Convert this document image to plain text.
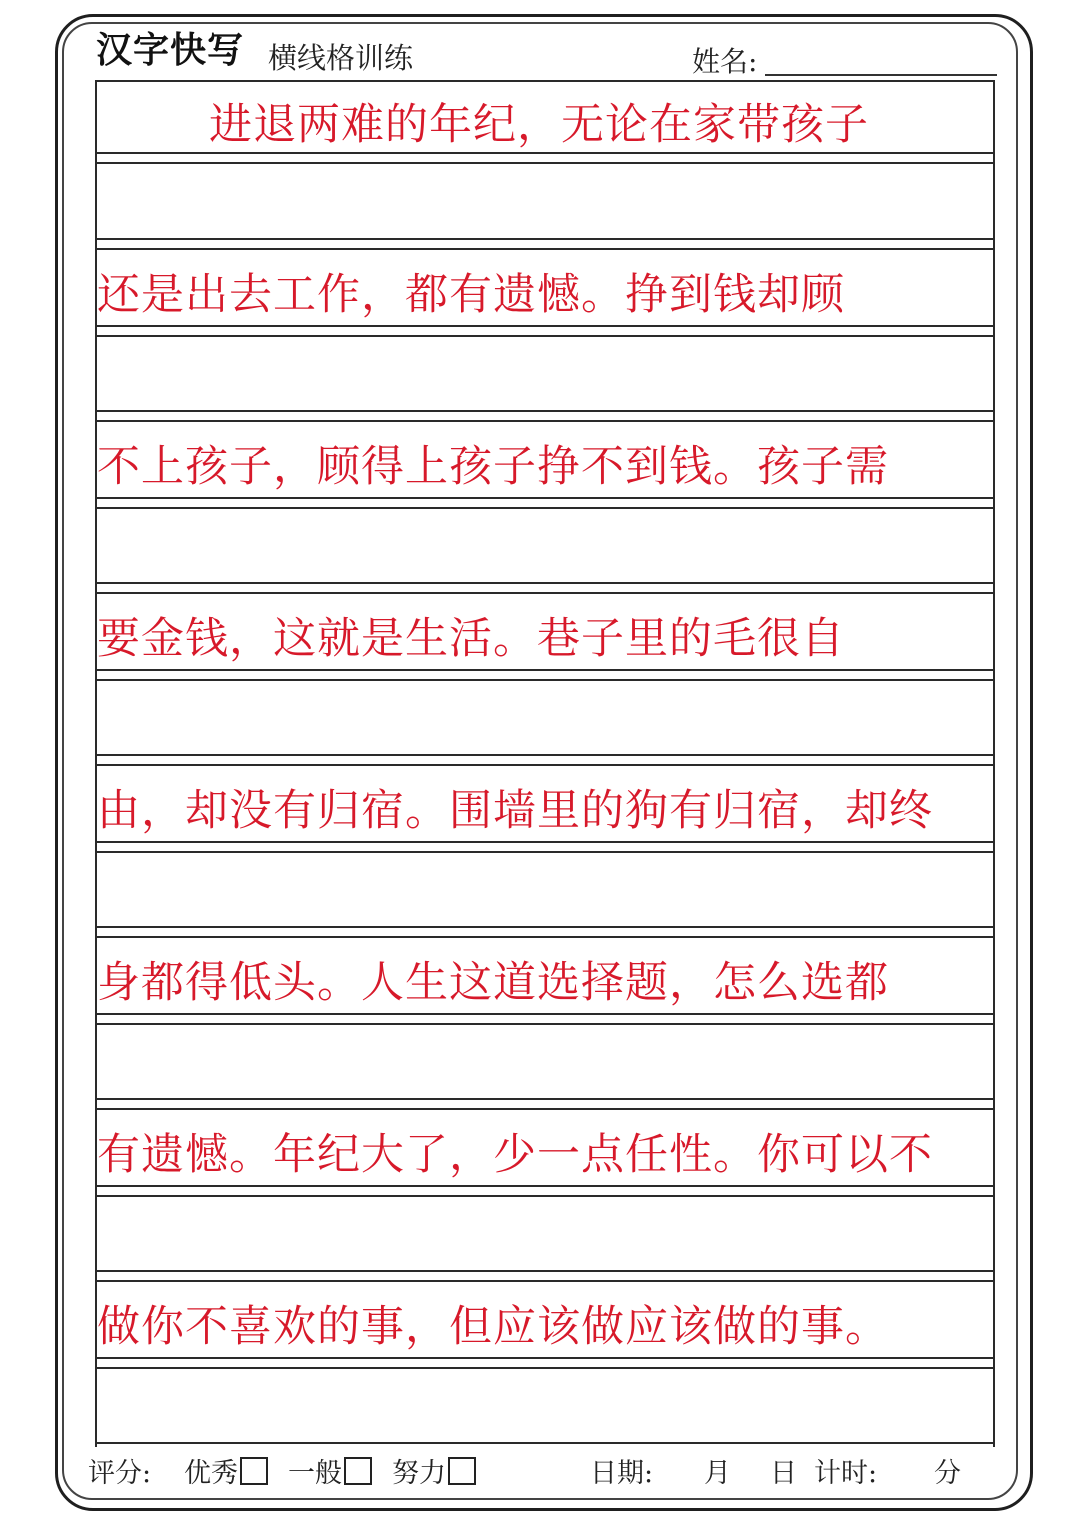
汉字快写 横线格训练	姓名:
进退两难的年纪，无论在家带孩子
还是出去工作，都有遗憾。挣到钱却顾
不上孩子，顾得上孩子挣不到钱。孩子需
要金钱，这就是生活。巷子里的毛很自
由，却没有归宿。围墙里的狗有归宿，却终
身都得低头。人生这道选择题，怎么选都
有遗憾。年纪大了，少一点任性。你可以不
做你不喜欢的事，但应该做应该做的事。
评分: 优秀	一般	努力	日期: 月 日 计时: 分
